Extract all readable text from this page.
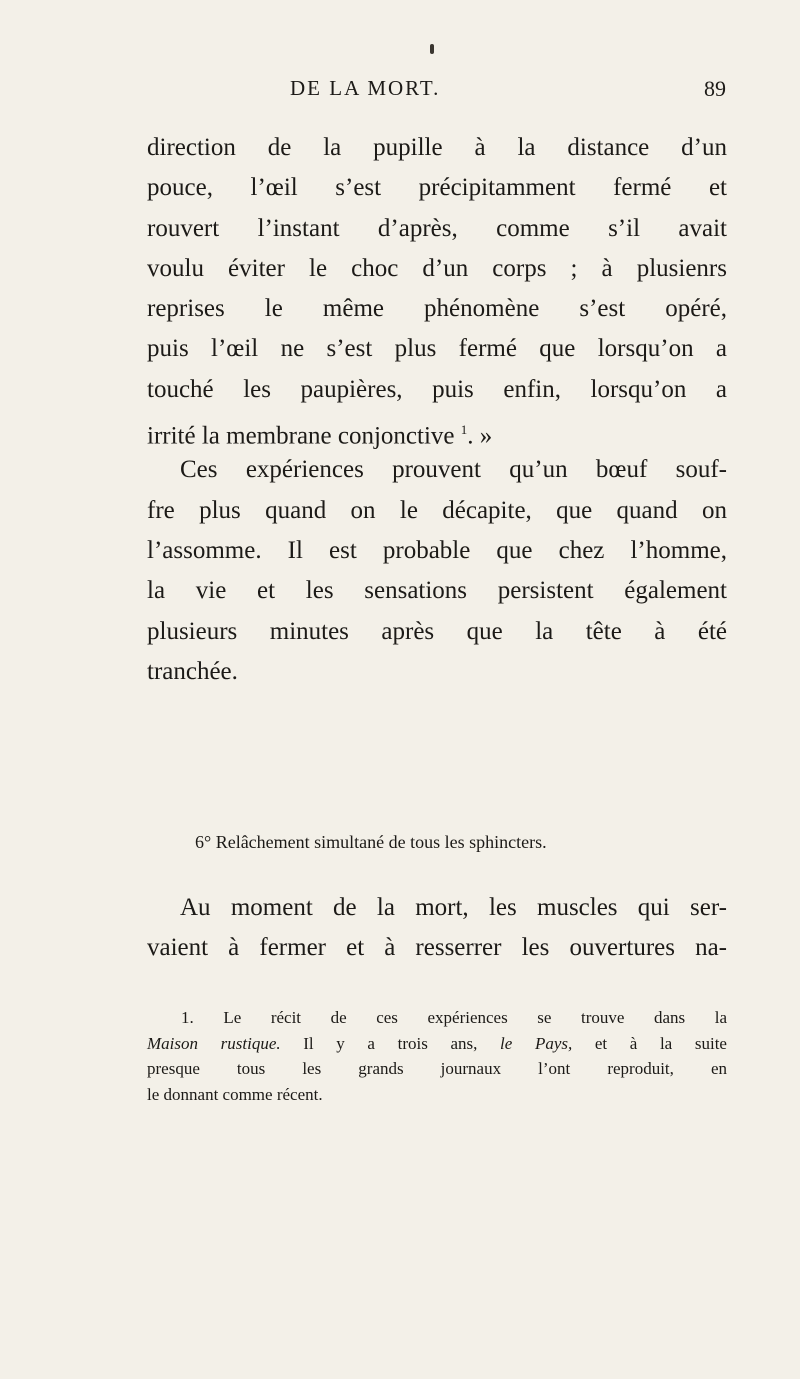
DE LA MORT.	89
direction de la pupille à la distance d’un
pouce, l’œil s’est précipitamment fermé et
rouvert l’instant d’après, comme s’il avait
voulu éviter le choc d’un corps ; à plusienrs
reprises le même phénomène s’est opéré,
puis l’œil ne s’est plus fermé que lorsqu’on a
touché les paupières, puis enfin, lorsqu’on a
irrité la membrane conjonctive $^1$. »
Ces expériences prouvent qu’un bœuf souf-
fre plus quand on le décapite, que quand on
l’assomme. Il est probable que chez l’homme,
la vie et les sensations persistent également
plusieurs minutes après que la tête à été
tranchée.
6° Relâchement simultané de tous les sphincters.
Au moment de la mort, les muscles qui ser-
vaient à fermer et à resserrer les ouvertures na-
1. Le récit de ces expériences se trouve dans la
Maison rustique. Il y a trois ans, le Pays, et à la suite
presque tous les grands journaux l’ont reproduit, en
le donnant comme récent.
